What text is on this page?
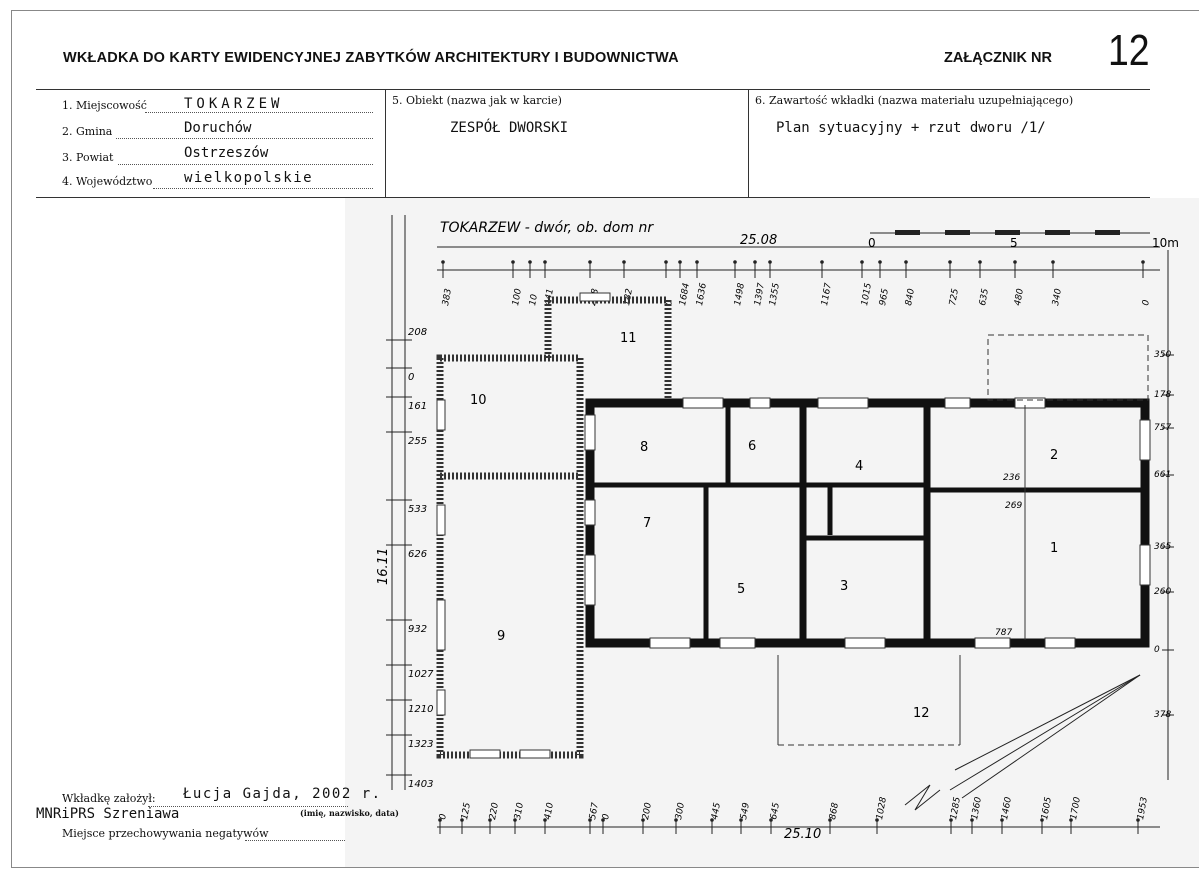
WKŁADKA DO KARTY EWIDENCYJNEJ ZABYTKÓW ARCHITEKTURY I BUDOWNICTWA	ZAŁĄCZNIK NR 12
1. Miejscowość	TOKARZEW
2. Gmina	Doruchów
3. Powiat	Ostrzeszów
4. Województwo wielkopolskie
5. Obiekt (nazwa jak w karcie)
ZESPÓŁ DWORSKI
6. Zawartość wkładki (nazwa materiału uzupełniającego)
Plan sytuacyjny + rzut dworu /1/
TOKARZEW - dwór, ob. dom nr
25.08	0	5	10m
383	100 10 441	182	0 1684 1636	1498 1397 1355	1167	1015 965 840	725 635 480	340	0
25.10
0 125 220 310 410	567 0	200 300	445 549 645	868	1028	1285 1360 1460	1605 1700	1953
16.11
208
0
161
255
533
626
932
1027
1210
1323
1403
350
178
757
661
365
260
0
378
1
2
3
4
5
6
7
8
9
10
11
12
236
269
787
Wkładkę założył: Łucja Gajda, 2002 r.
MNRiPRS Szreniawa	(imię, nazwisko, data)
Miejsce przechowywania negatywów
